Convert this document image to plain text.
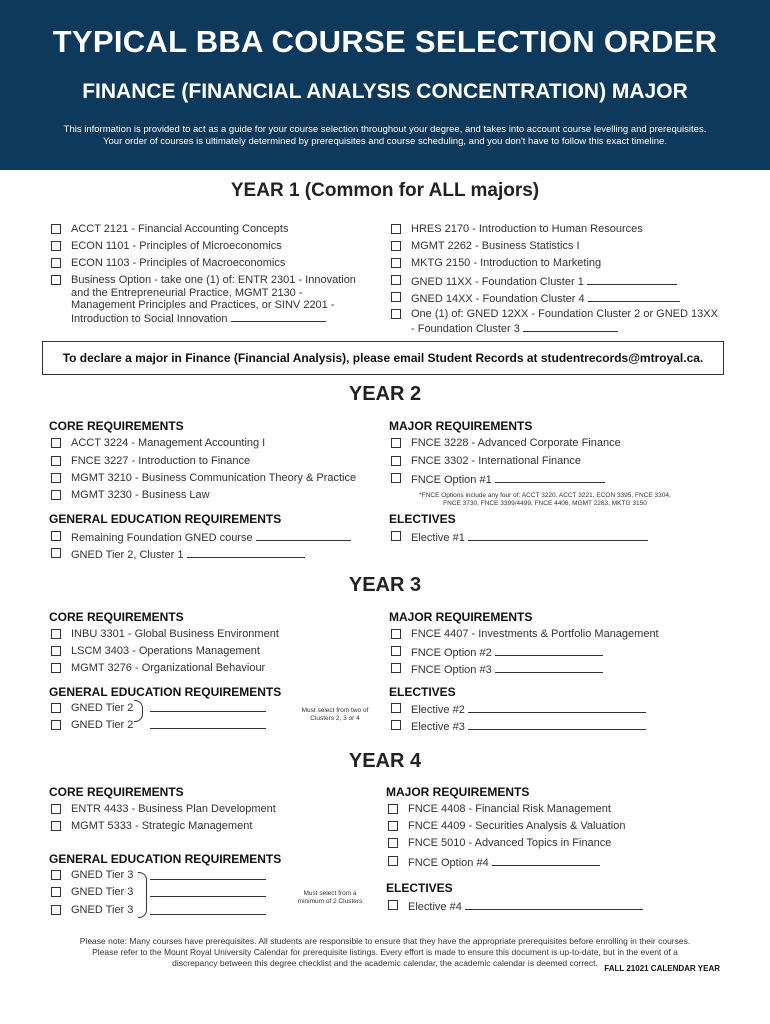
TYPICAL BBA COURSE SELECTION ORDER
FINANCE (FINANCIAL ANALYSIS CONCENTRATION) MAJOR
This information is provided to act as a guide for your course selection throughout your degree, and takes into account course levelling and prerequisites.
Your order of courses is ultimately determined by prerequisites and course scheduling, and you don't have to follow this exact timeline.
YEAR 1 (Common for ALL majors)
ACCT 2121 - Financial Accounting Concepts
ECON 1101 - Principles of Microeconomics
ECON 1103 - Principles of Macroeconomics
Business Option - take one (1) of: ENTR 2301 - Innovation
and the Entrepreneurial Practice, MGMT 2130 -
Management Principles and Practices, or SINV 2201 -
Introduction to Social Innovation
HRES 2170 - Introduction to Human Resources
MGMT 2262 - Business Statistics I
MKTG 2150 - Introduction to Marketing
GNED 11XX - Foundation Cluster 1
GNED 14XX - Foundation Cluster 4
One (1) of: GNED 12XX - Foundation Cluster 2 or GNED 13XX
- Foundation Cluster 3
To declare a major in Finance (Financial Analysis), please email Student Records at studentrecords@mtroyal.ca.
YEAR 2
CORE REQUIREMENTS
ACCT 3224 - Management Accounting I
FNCE 3227 - Introduction to Finance
MGMT 3210 - Business Communication Theory & Practice
MGMT 3230 - Business Law
MAJOR REQUIREMENTS
FNCE 3228 - Advanced Corporate Finance
FNCE 3302 - International Finance
FNCE Option #1
*FNCE Options include any four of: ACCT 3220, ACCT 3221, ECON 3395, FNCE 3304,
FNCE 3730, FNCE 3399/4499, FNCE 4406, MGMT 2263, MKTG 3150
GENERAL EDUCATION REQUIREMENTS
Remaining Foundation GNED course
GNED Tier 2, Cluster 1
ELECTIVES
Elective #1
YEAR 3
CORE REQUIREMENTS
INBU 3301 - Global Business Environment
LSCM 3403 - Operations Management
MGMT 3276 - Organizational Behaviour
MAJOR REQUIREMENTS
FNCE 4407 - Investments & Portfolio Management
FNCE Option #2
FNCE Option #3
GENERAL EDUCATION REQUIREMENTS
GNED Tier 2
GNED Tier 2
Must select from two of
Clusters 2, 3 or 4
ELECTIVES
Elective #2
Elective #3
YEAR 4
CORE REQUIREMENTS
ENTR 4433 - Business Plan Development
MGMT 5333 - Strategic Management
MAJOR REQUIREMENTS
FNCE 4408 - Financial Risk Management
FNCE 4409 - Securities Analysis & Valuation
FNCE 5010 - Advanced Topics in Finance
FNCE Option #4
GENERAL EDUCATION REQUIREMENTS
GNED Tier 3
GNED Tier 3
GNED Tier 3
Must select from a
minimum of 2 Clusters
ELECTIVES
Elective #4
Please note: Many courses have prerequisites. All students are responsible to ensure that they have the appropriate prerequisites before enrolling in their courses.
Please refer to the Mount Royal University Calendar for prerequisite listings. Every effort is made to ensure this document is up-to-date, but in the event of a
discrepancy between this degree checklist and the academic calendar, the academic calendar is deemed correct.
FALL 21021 CALENDAR YEAR
